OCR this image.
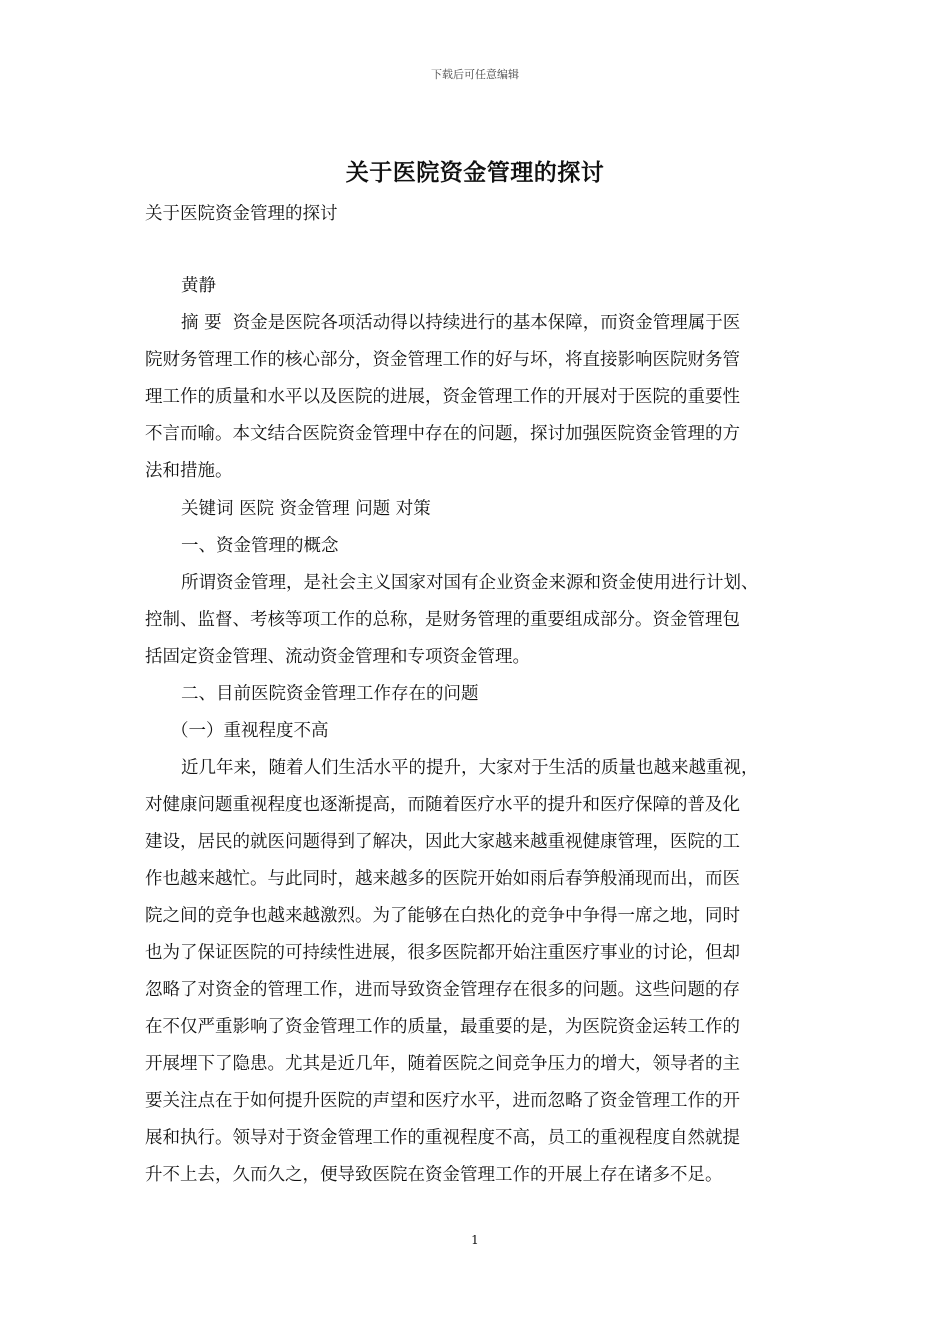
下载后可任意编辑
关于医院资金管理的探讨
关于医院资金管理的探讨
黄静
摘 要 资金是医院各项活动得以持续进行的基本保障，而资金管理属于医
院财务管理工作的核心部分，资金管理工作的好与坏，将直接影响医院财务管
理工作的质量和水平以及医院的进展，资金管理工作的开展对于医院的重要性
不言而喻。本文结合医院资金管理中存在的问题，探讨加强医院资金管理的方
法和措施。
关键词 医院 资金管理 问题 对策
一、资金管理的概念
所谓资金管理，是社会主义国家对国有企业资金来源和资金使用进行计划、
控制、监督、考核等项工作的总称，是财务管理的重要组成部分。资金管理包
括固定资金管理、流动资金管理和专项资金管理。
二、目前医院资金管理工作存在的问题
（一）重视程度不高
近几年来，随着人们生活水平的提升，大家对于生活的质量也越来越重视，
对健康问题重视程度也逐渐提高，而随着医疗水平的提升和医疗保障的普及化
建设，居民的就医问题得到了解决，因此大家越来越重视健康管理，医院的工
作也越来越忙。与此同时，越来越多的医院开始如雨后春笋般涌现而出，而医
院之间的竞争也越来越激烈。为了能够在白热化的竞争中争得一席之地，同时
也为了保证医院的可持续性进展，很多医院都开始注重医疗事业的讨论，但却
忽略了对资金的管理工作，进而导致资金管理存在很多的问题。这些问题的存
在不仅严重影响了资金管理工作的质量，最重要的是，为医院资金运转工作的
开展埋下了隐患。尤其是近几年，随着医院之间竞争压力的增大，领导者的主
要关注点在于如何提升医院的声望和医疗水平，进而忽略了资金管理工作的开
展和执行。领导对于资金管理工作的重视程度不高，员工的重视程度自然就提
升不上去，久而久之，便导致医院在资金管理工作的开展上存在诸多不足。
1
